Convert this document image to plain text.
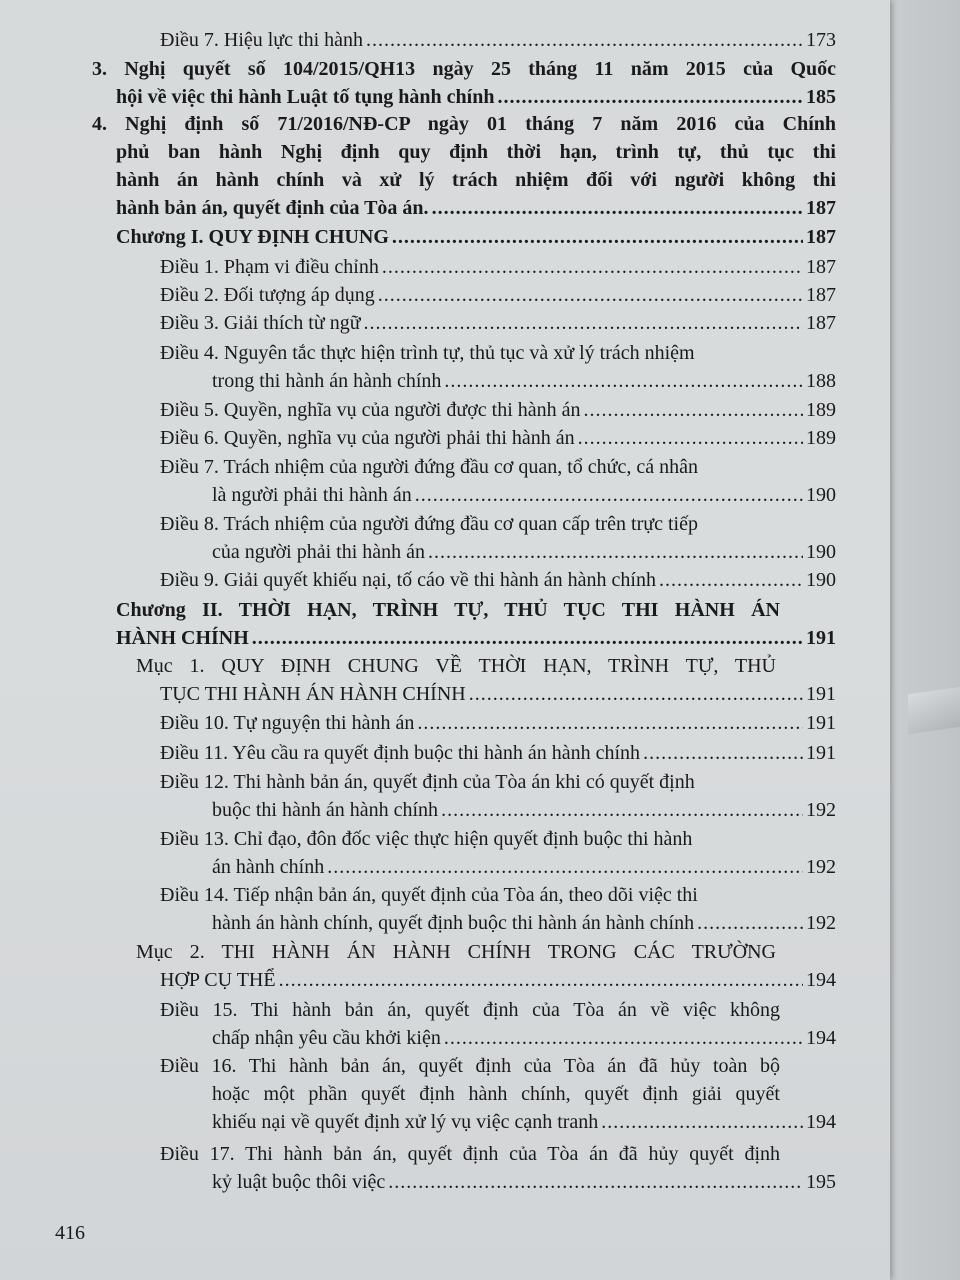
Điều 7. Hiệu lực thi hành .....	173
3. Nghị quyết số 104/2015/QH13 ngày 25 tháng 11 năm 2015 của Quốc
hội về việc thi hành Luật tố tụng hành chính .....	185
4. Nghị định số 71/2016/NĐ-CP ngày 01 tháng 7 năm 2016 của Chính
phủ ban hành Nghị định quy định thời hạn, trình tự, thủ tục thi
hành án hành chính và xử lý trách nhiệm đối với người không thi
hành bản án, quyết định của Tòa án. .....	187
Chương I. QUY ĐỊNH CHUNG .....	187
Điều 1. Phạm vi điều chỉnh .....	187
Điều 2. Đối tượng áp dụng .....	187
Điều 3. Giải thích từ ngữ .....	187
Điều 4. Nguyên tắc thực hiện trình tự, thủ tục và xử lý trách nhiệm
trong thi hành án hành chính .....	188
Điều 5. Quyền, nghĩa vụ của người được thi hành án .....	189
Điều 6. Quyền, nghĩa vụ của người phải thi hành án .....	189
Điều 7. Trách nhiệm của người đứng đầu cơ quan, tổ chức, cá nhân
là người phải thi hành án .....	190
Điều 8. Trách nhiệm của người đứng đầu cơ quan cấp trên trực tiếp
của người phải thi hành án .....	190
Điều 9. Giải quyết khiếu nại, tố cáo về thi hành án hành chính .....	190
Chương II. THỜI HẠN, TRÌNH TỰ, THỦ TỤC THI HÀNH ÁN
HÀNH CHÍNH .....	191
Mục 1. QUY ĐỊNH CHUNG VỀ THỜI HẠN, TRÌNH TỰ, THỦ
TỤC THI HÀNH ÁN HÀNH CHÍNH .....	191
Điều 10. Tự nguyện thi hành án .....	191
Điều 11. Yêu cầu ra quyết định buộc thi hành án hành chính .....	191
Điều 12. Thi hành bản án, quyết định của Tòa án khi có quyết định
buộc thi hành án hành chính .....	192
Điều 13. Chỉ đạo, đôn đốc việc thực hiện quyết định buộc thi hành
án hành chính .....	192
Điều 14. Tiếp nhận bản án, quyết định của Tòa án, theo dõi việc thi
hành án hành chính, quyết định buộc thi hành án hành chính .....	192
Mục 2. THI HÀNH ÁN HÀNH CHÍNH TRONG CÁC TRƯỜNG
HỢP CỤ THỂ .....	194
Điều 15. Thi hành bản án, quyết định của Tòa án về việc không
chấp nhận yêu cầu khởi kiện .....	194
Điều 16. Thi hành bản án, quyết định của Tòa án đã hủy toàn bộ
hoặc một phần quyết định hành chính, quyết định giải quyết
khiếu nại về quyết định xử lý vụ việc cạnh tranh .....	194
Điều 17. Thi hành bản án, quyết định của Tòa án đã hủy quyết định
kỷ luật buộc thôi việc .....	195
416
